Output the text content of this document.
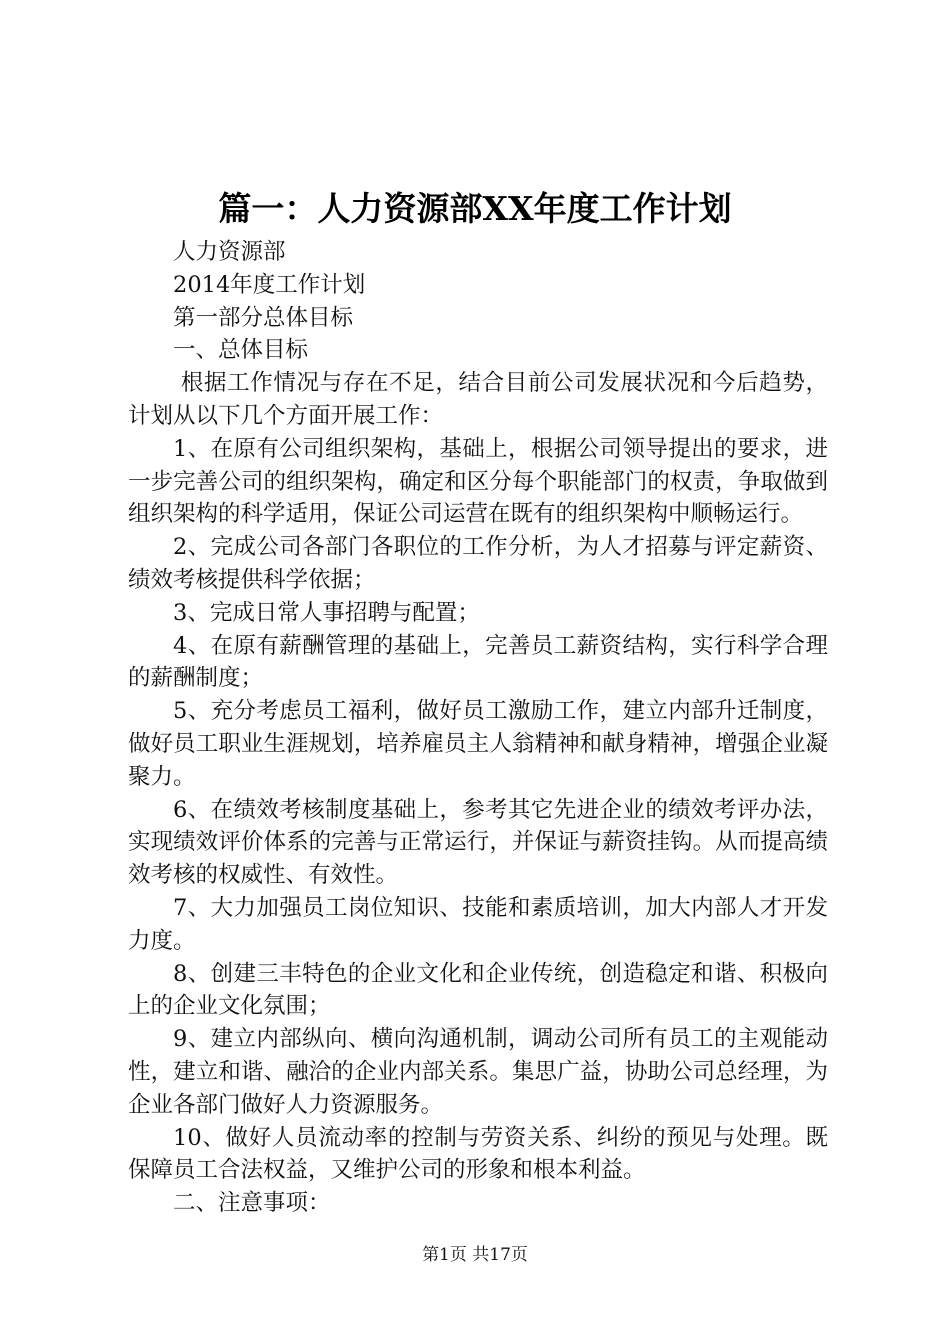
篇一：人力资源部XX年度工作计划

人力资源部

2014年度工作计划

第一部分总体目标

一、总体目标

根据工作情况与存在不足，结合目前公司发展状况和今后趋势，计划从以下几个方面开展工作：

1、在原有公司组织架构，基础上，根据公司领导提出的要求，进一步完善公司的组织架构，确定和区分每个职能部门的权责，争取做到组织架构的科学适用，保证公司运营在既有的组织架构中顺畅运行。

2、完成公司各部门各职位的工作分析，为人才招募与评定薪资、绩效考核提供科学依据；

3、完成日常人事招聘与配置；

4、在原有薪酬管理的基础上，完善员工薪资结构，实行科学合理的薪酬制度；

5、充分考虑员工福利，做好员工激励工作，建立内部升迁制度，做好员工职业生涯规划，培养雇员主人翁精神和献身精神，增强企业凝聚力。

6、在绩效考核制度基础上，参考其它先进企业的绩效考评办法，实现绩效评价体系的完善与正常运行，并保证与薪资挂钩。从而提高绩效考核的权威性、有效性。

7、大力加强员工岗位知识、技能和素质培训，加大内部人才开发力度。

8、创建三丰特色的企业文化和企业传统，创造稳定和谐、积极向上的企业文化氛围；

9、建立内部纵向、横向沟通机制，调动公司所有员工的主观能动性，建立和谐、融洽的企业内部关系。集思广益，协助公司总经理，为企业各部门做好人力资源服务。

10、做好人员流动率的控制与劳资关系、纠纷的预见与处理。既保障员工合法权益，又维护公司的形象和根本利益。

二、注意事项：

第1页 共17页
